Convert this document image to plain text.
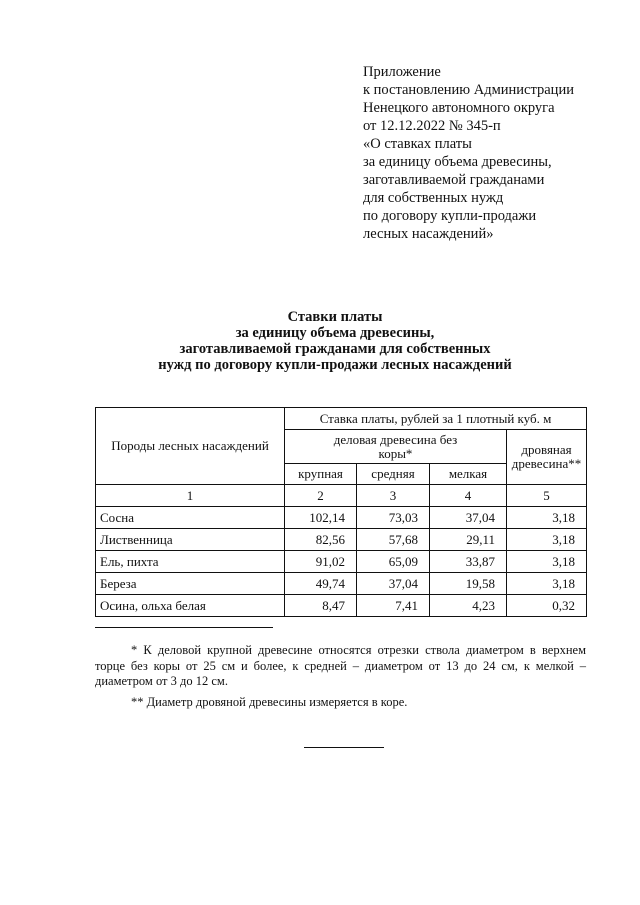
Приложение
к постановлению Администрации
Ненецкого автономного округа
от 12.12.2022 № 345-п
«О ставках платы
за единицу объема древесины,
заготавливаемой гражданами
для собственных нужд
по договору купли-продажи
лесных насаждений»
Ставки платы
за единицу объема древесины,
заготавливаемой гражданами для собственных
нужд по договору купли-продажи лесных насаждений
Породы лесных насаждений	Ставка платы, рублей за 1 плотный куб. м			
	деловая древесина без коры*			дровяная древесина**
	крупная	средняя	мелкая	
1	2	3	4	5
Сосна	102,14	73,03	37,04	3,18
Лиственница	82,56	57,68	29,11	3,18
Ель, пихта	91,02	65,09	33,87	3,18
Береза	49,74	37,04	19,58	3,18
Осина, ольха белая	8,47	7,41	4,23	0,32

* К деловой крупной древесине относятся отрезки ствола диаметром в верхнем торце без коры от 25 см и более, к средней – диаметром от 13 до 24 см, к мелкой – диаметром от 3 до 12 см.

** Диаметр дровяной древесины измеряется в коре.
